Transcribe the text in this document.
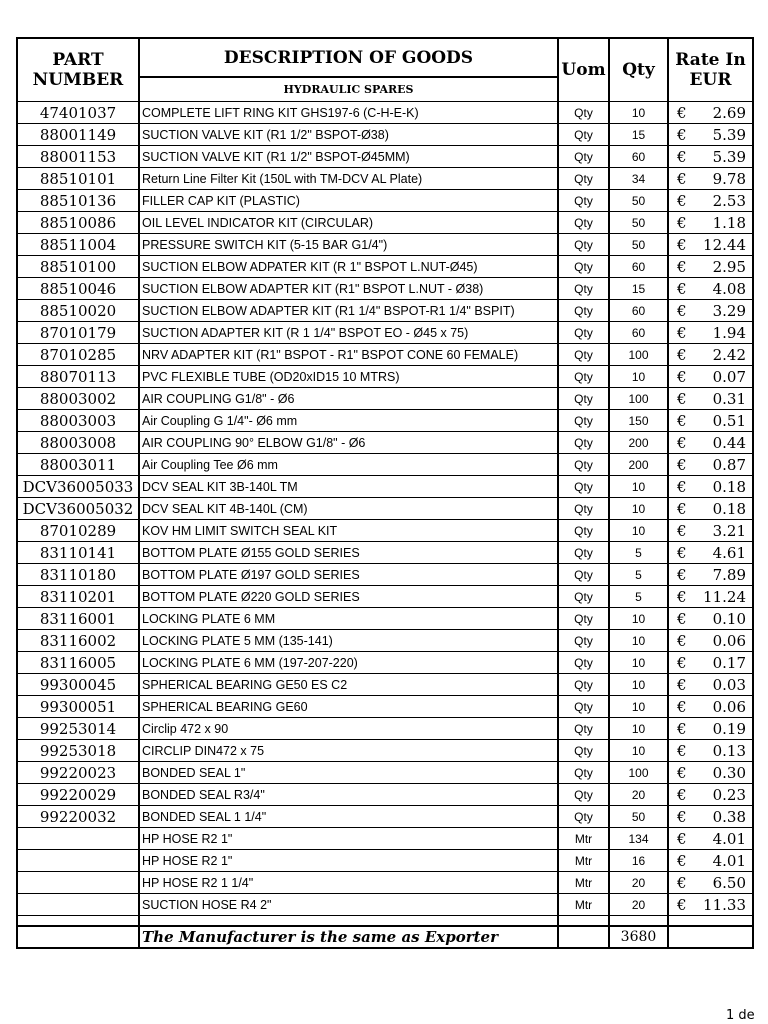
PART NUMBER	DESCRIPTION OF GOODS	Uom	Qty	Rate In EUR
	HYDRAULIC SPARES			
47401037	COMPLETE LIFT RING KIT GHS197-6 (C-H-E-K)	Qty	10	€ 2.69

88001149	SUCTION VALVE KIT (R1 1/2" BSPOT-Ø38)	Qty	15	€ 5.39

88001153	SUCTION VALVE KIT (R1 1/2" BSPOT-Ø45MM)	Qty	60	€ 5.39

88510101	Return Line Filter Kit (150L with TM-DCV AL Plate)	Qty	34	€ 9.78

88510136	FILLER CAP KIT (PLASTIC)	Qty	50	€ 2.53

88510086	OIL LEVEL INDICATOR KIT (CIRCULAR)	Qty	50	€ 1.18

88511004	PRESSURE SWITCH KIT (5-15 BAR G1/4")	Qty	50	€ 12.44

88510100	SUCTION ELBOW ADPATER KIT (R 1" BSPOT L.NUT-Ø45)	Qty	60	€ 2.95

88510046	SUCTION ELBOW ADAPTER KIT (R1" BSPOT L.NUT - Ø38)	Qty	15	€ 4.08

88510020	SUCTION ELBOW ADAPTER KIT (R1 1/4" BSPOT-R1 1/4" BSPIT)	Qty	60	€ 3.29

87010179	SUCTION ADAPTER KIT (R 1 1/4" BSPOT EO - Ø45 x 75)	Qty	60	€ 1.94

87010285	NRV ADAPTER KIT (R1" BSPOT - R1" BSPOT CONE 60 FEMALE)	Qty	100	€ 2.42

88070113	PVC FLEXIBLE TUBE (OD20xID15 10 MTRS)	Qty	10	€ 0.07

88003002	AIR COUPLING G1/8" - Ø6	Qty	100	€ 0.31

88003003	Air Coupling G 1/4"- Ø6 mm	Qty	150	€ 0.51

88003008	AIR COUPLING 90° ELBOW G1/8" - Ø6	Qty	200	€ 0.44

88003011	Air Coupling Tee Ø6 mm	Qty	200	€ 0.87

DCV36005033	DCV SEAL KIT 3B-140L TM	Qty	10	€ 0.18

DCV36005032	DCV SEAL KIT 4B-140L (CM)	Qty	10	€ 0.18

87010289	KOV HM LIMIT SWITCH SEAL KIT	Qty	10	€ 3.21

83110141	BOTTOM PLATE Ø155 GOLD SERIES	Qty	5	€ 4.61

83110180	BOTTOM PLATE Ø197 GOLD SERIES	Qty	5	€ 7.89

83110201	BOTTOM PLATE Ø220 GOLD SERIES	Qty	5	€ 11.24

83116001	LOCKING PLATE 6 MM	Qty	10	€ 0.10

83116002	LOCKING PLATE 5 MM (135-141)	Qty	10	€ 0.06

83116005	LOCKING PLATE 6 MM (197-207-220)	Qty	10	€ 0.17

99300045	SPHERICAL BEARING GE50 ES C2	Qty	10	€ 0.03

99300051	SPHERICAL BEARING GE60	Qty	10	€ 0.06

99253014	Circlip 472 x 90	Qty	10	€ 0.19

99253018	CIRCLIP DIN472 x 75	Qty	10	€ 0.13

99220023	BONDED SEAL 1"	Qty	100	€ 0.30

99220029	BONDED SEAL R3/4"	Qty	20	€ 0.23

99220032	BONDED SEAL 1 1/4"	Qty	50	€ 0.38

	HP HOSE R2 1"	Mtr	134	€ 4.01

	HP HOSE R2 1"	Mtr	16	€ 4.01

	HP HOSE R2 1 1/4"	Mtr	20	€ 6.50

	SUCTION HOSE R4 2"	Mtr	20	€ 11.33

	The Manufacturer is the same as Exporter		3680	
1 de
